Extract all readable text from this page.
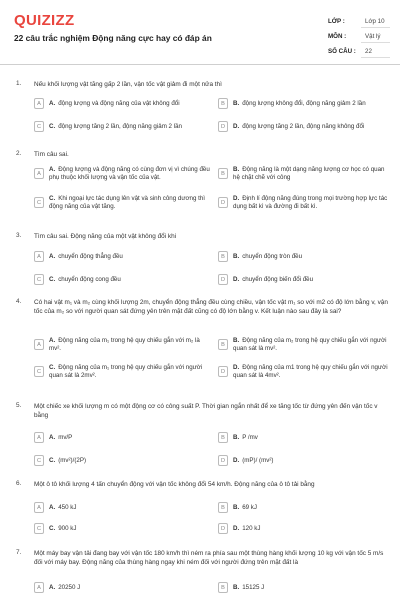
QUIZIZZ
22 câu trắc nghiệm Động năng cực hay có đáp án
LỚP :	Lớp 10
MÔN :	Vật lý
SỐ CÂU :	22
1. Nếu khối lượng vật tăng gấp 2 lần, vận tốc vật giảm đi một nửa thì
A	A. động lượng và động năng của vật không đổi	B	B. động lượng không đổi, động năng giảm 2 lần
C	C. động lượng tăng 2 lần, động năng giảm 2 lần	D	D. động lượng tăng 2 lần, động năng không đổi
2. Tìm câu sai.
A
A. Động lượng và động năng có cùng đơn vị vì chúng đều phụ thuộc khối lượng và vận tốc của vật.
B
B. Động năng là một dạng năng lượng cơ học có quan hệ chặt chẽ với công
C
C. Khi ngoại lực tác dụng lên vật và sinh công dương thì động năng của vật tăng.
D
D. Định lí động năng đúng trong mọi trường hợp lực tác dụng bất kì và đường đi bất kì.
3. Tìm câu sai. Động năng của một vật không đổi khi
A	A. chuyển động thẳng đều	B	B. chuyển động tròn đều
C	C. chuyển động cong đều	D	D. chuyển động biến đổi đều
4. Có hai vật m₁ và m₂ cùng khối lượng 2m, chuyển động thẳng đều cùng chiều, vận tốc vật m₁ so với m2 có độ lớn bằng v, vận tốc của m₂ so với người quan sát đứng yên trên mặt đất cũng có độ lớn bằng v. Kết luận nào sau đây là sai?
A
A. Động năng của m₁ trong hệ quy chiếu gắn với m₂ là mv².
B
B. Động năng của m₂ trong hệ quy chiếu gắn với người quan sát là mv².
C
C. Động năng của m₁ trong hệ quy chiếu gắn với người quan sát là 2mv².
D
D. Động năng của m1 trong hệ quy chiếu gắn với người quan sát là 4mv².
5. Một chiếc xe khối lượng m có một động cơ có công suất P. Thời gian ngắn nhất để xe tăng tốc từ đứng yên đến vận tốc v bằng
A	A. mv/P	B	B. P /mv
C	C. (mv²)/(2P)	D	D. (mP)/ (mv²)
6. Một ô tô khối lượng 4 tấn chuyển động với vận tốc không đổi 54 km/h. Động năng của ô tô tải bằng
A	A. 450 kJ	B	B. 69 kJ
C	C. 900 kJ	D	D. 120 kJ
7. Một máy bay vận tải đang bay với vận tốc 180 km/h thì ném ra phía sau một thùng hàng khối lượng 10 kg với vận tốc 5 m/s đối với máy bay. Động năng của thùng hàng ngay khi ném đối với người đứng trên mặt đất là
A	A. 20250 J	B	B. 15125 J
